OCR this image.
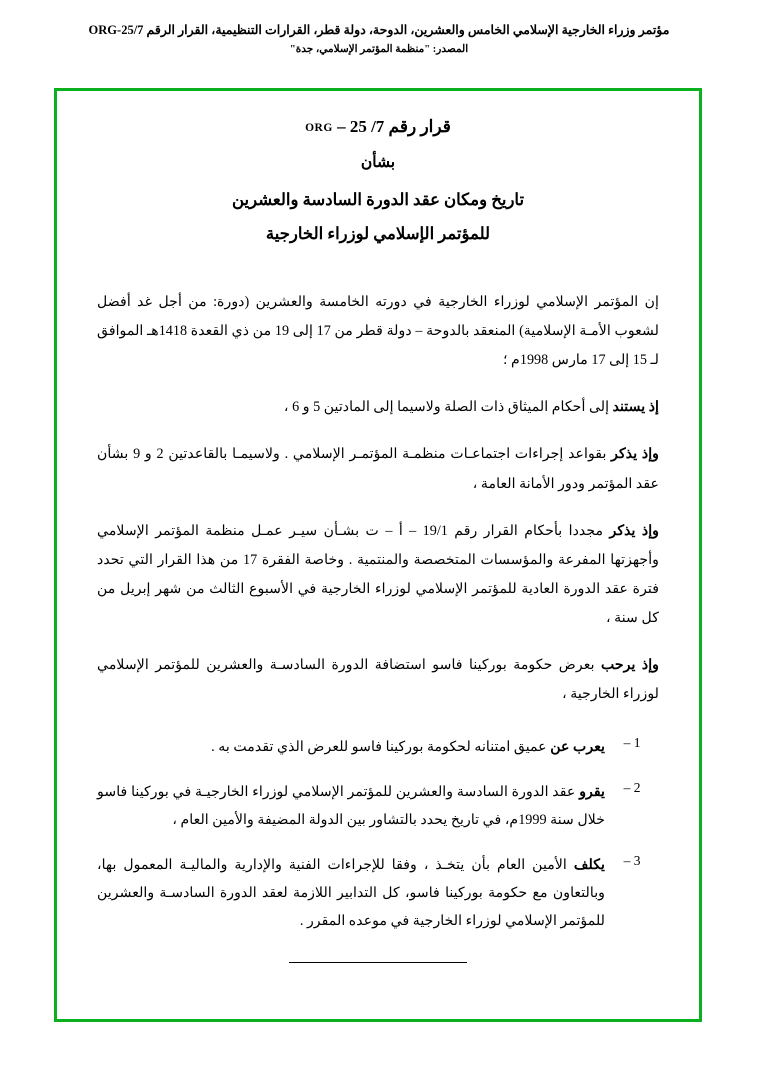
مؤتمر وزراء الخارجية الإسلامي الخامس والعشرين، الدوحة، دولة قطر، القرارات التنظيمية، القرار الرقم 25/7-ORG
المصدر: "منظمة المؤتمر الإسلامي، جدة"
قرار رقم 7/ 25 – ORG
بشأن
تاريخ ومكان عقد الدورة السادسة والعشرين
للمؤتمر الإسلامي لوزراء الخارجية

إن المؤتمر الإسلامي لوزراء الخارجية في دورته الخامسة والعشرين (دورة: من أجل غد أفضل لشعوب الأمـة الإسلامية) المنعقد بالدوحة – دولة قطر من 17 إلى 19 من ذي القعدة 1418هـ الموافق لـ 15 إلى 17 مارس 1998م ؛

إذ يستند إلى أحكام الميثاق ذات الصلة ولاسيما إلى المادتين 5 و 6 ،

وإذ يذكر بقواعد إجراءات اجتماعـات منظمـة المؤتمـر الإسلامي . ولاسيمـا بالقاعدتين 2 و 9 بشأن عقد المؤتمر ودور الأمانة العامة ،

وإذ يذكر مجددا بأحكام القرار رقم 19/1 – أ – ت بشـأن سيـر عمـل منظمة المؤتمر الإسلامي وأجهزتها المفرعة والمؤسسات المتخصصة والمنتمية . وخاصة الفقرة 17 من هذا القرار التي تحدد فترة عقد الدورة العادية للمؤتمر الإسلامي لوزراء الخارجية في الأسبوع الثالث من شهر إبريل من كل سنة ،

وإذ يرحب بعرض حكومة بوركينا فاسو استضافة الدورة السادسـة والعشرين للمؤتمر الإسلامي لوزراء الخارجية ،

1 –
يعرب عن عميق امتنانه لحكومة بوركينا فاسو للعرض الذي تقدمت به .
2 –
يقرو عقد الدورة السادسة والعشرين للمؤتمر الإسلامي لوزراء الخارجيـة في بوركينا فاسو خلال سنة 1999م، في تاريخ يحدد بالتشاور بين الدولة المضيفة والأمين العام ،
3 –
يكلف الأمين العام بأن يتخـذ ، وفقا للإجراءات الفنية والإدارية والماليـة المعمول بها، وبالتعاون مع حكومة بوركينا فاسو، كل التدابير اللازمة لعقد الدورة السادسـة والعشرين للمؤتمر الإسلامي لوزراء الخارجية في موعده المقرر .
